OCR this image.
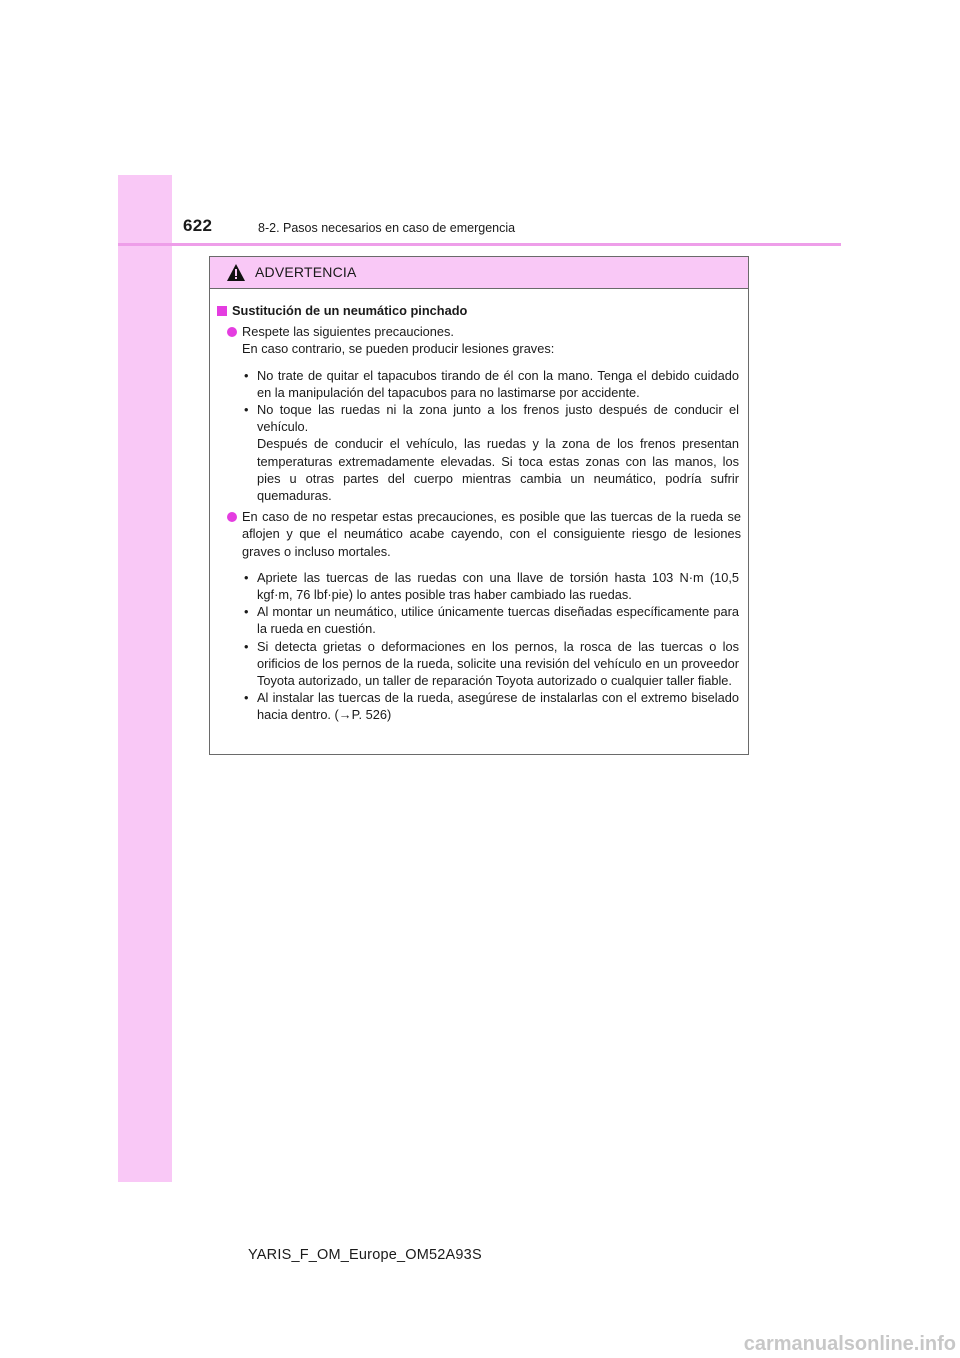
622	8-2. Pasos necesarios en caso de emergencia
ADVERTENCIA
Sustitución de un neumático pinchado
Respete las siguientes precauciones.
En caso contrario, se pueden producir lesiones graves:
• No trate de quitar el tapacubos tirando de él con la mano. Tenga el debido cuidado en la manipulación del tapacubos para no lastimarse por accidente.
• No toque las ruedas ni la zona junto a los frenos justo después de conducir el vehículo.
Después de conducir el vehículo, las ruedas y la zona de los frenos presentan temperaturas extremadamente elevadas. Si toca estas zonas con las manos, los pies u otras partes del cuerpo mientras cambia un neumático, podría sufrir quemaduras.
En caso de no respetar estas precauciones, es posible que las tuercas de la rueda se aflojen y que el neumático acabe cayendo, con el consiguiente riesgo de lesiones graves o incluso mortales.
• Apriete las tuercas de las ruedas con una llave de torsión hasta 103 N·m (10,5 kgf·m, 76 lbf·pie) lo antes posible tras haber cambiado las ruedas.
• Al montar un neumático, utilice únicamente tuercas diseñadas específicamente para la rueda en cuestión.
• Si detecta grietas o deformaciones en los pernos, la rosca de las tuercas o los orificios de los pernos de la rueda, solicite una revisión del vehículo en un proveedor Toyota autorizado, un taller de reparación Toyota autorizado o cualquier taller fiable.
• Al instalar las tuercas de la rueda, asegúrese de instalarlas con el extremo biselado hacia dentro. (→P. 526)
YARIS_F_OM_Europe_OM52A93S
carmanualsonline.info
